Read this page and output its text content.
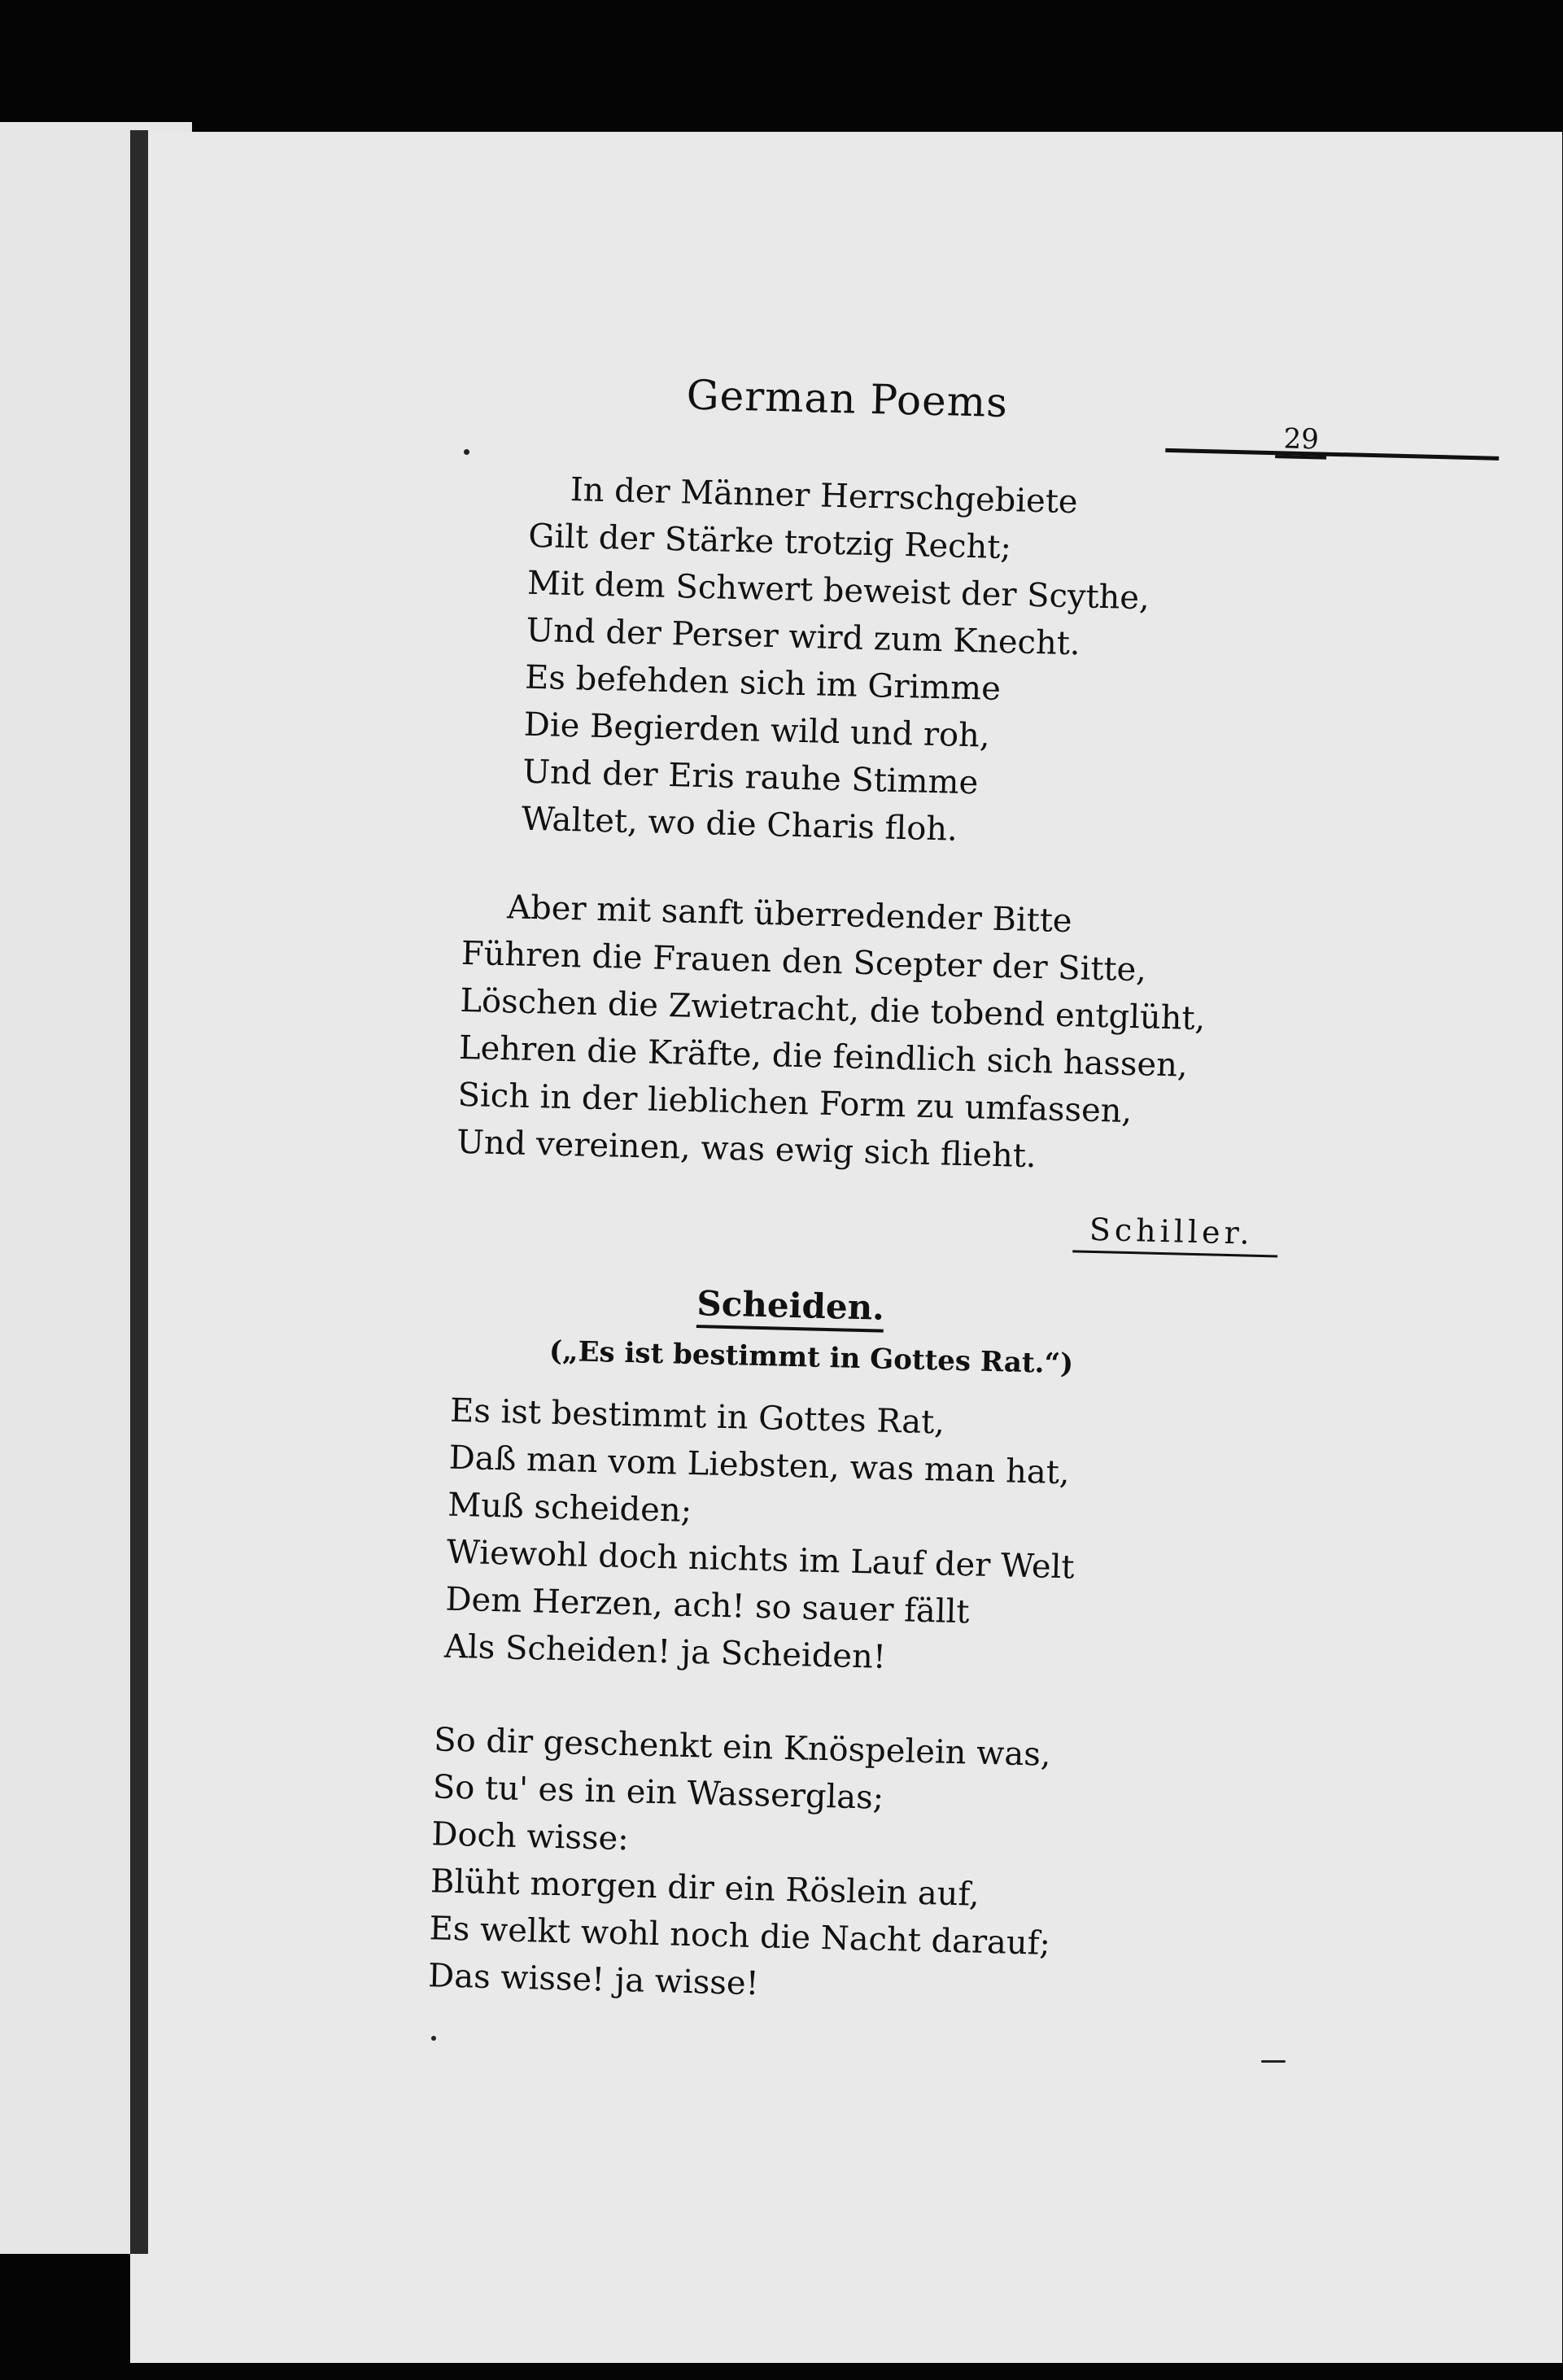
German Poems
29
In der Männer Herrschgebiete
Gilt der Stärke trotzig Recht;
Mit dem Schwert beweist der Scythe,
Und der Perser wird zum Knecht.
Es befehden sich im Grimme
Die Begierden wild und roh,
Und der Eris rauhe Stimme
Waltet, wo die Charis floh.
Aber mit sanft überredender Bitte
Führen die Frauen den Scepter der Sitte,
Löschen die Zwietracht, die tobend entglüht,
Lehren die Kräfte, die feindlich sich hassen,
Sich in der lieblichen Form zu umfassen,
Und vereinen, was ewig sich flieht.
Schiller.
Scheiden.
(„Es ist bestimmt in Gottes Rat.“)
Es ist bestimmt in Gottes Rat,
Daß man vom Liebsten, was man hat,
Muß scheiden;
Wiewohl doch nichts im Lauf der Welt
Dem Herzen, ach! so sauer fällt
Als Scheiden! ja Scheiden!
So dir geschenkt ein Knöspelein was,
So tu' es in ein Wasserglas;
Doch wisse:
Blüht morgen dir ein Röslein auf,
Es welkt wohl noch die Nacht darauf;
Das wisse! ja wisse!
